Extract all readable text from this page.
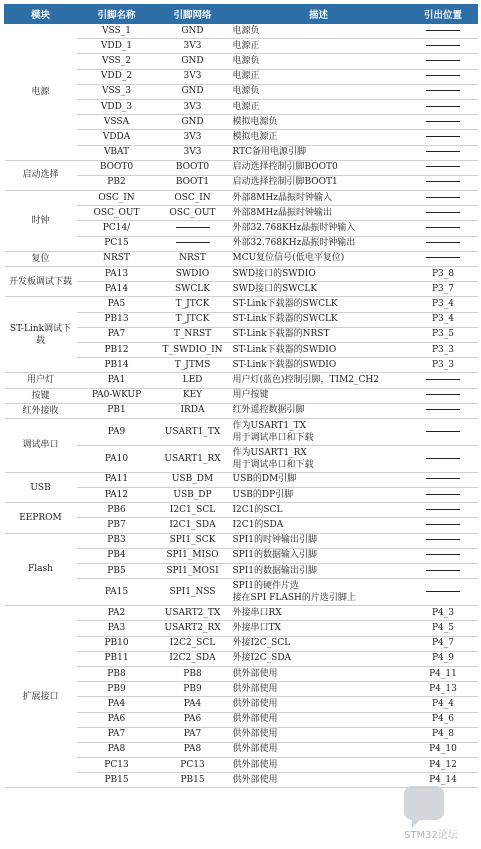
模块	引脚名称	引脚网络	描述	引出位置
电源	VSS_1	GND	电源负	
	VDD_1	3V3	电源正	
	VSS_2	GND	电源负	
	VDD_2	3V3	电源正	
	VSS_3	GND	电源负	
	VDD_3	3V3	电源正	
	VSSA	GND	模拟电源负	
	VDDA	3V3	模拟电源正	
	VBAT	3V3	RTC备用电源引脚	
启动选择	BOOT0	BOOT0	启动选择控制引脚BOOT0	
	PB2	BOOT1	启动选择控制引脚BOOT1	
时钟	OSC_IN	OSC_IN	外部8MHz晶振时钟输入	
	OSC_OUT	OSC_OUT	外部8MHz晶振时钟输出	
	PC14/		外部32.768KHz晶振时钟输入	
	PC15		外部32.768KHz晶振时钟输出	
复位	NRST	NRST	MCU复位信号(低电平复位)	
开发板调试下载	PA13	SWDIO	SWD接口的SWDIO	P3_8
	PA14	SWCLK	SWD接口的SWCLK	P3_7
ST-Link调试下载	PA5	T_JTCK	ST-Link下载器的SWCLK	P3_4
	PB13	T_JTCK	ST-Link下载器的SWCLK	P3_4
	PA7	T_NRST	ST-Link下载器的NRST	P3_5
	PB12	T_SWDIO_IN	ST-Link下载器的SWDIO	P3_3
	PB14	T_JTMS	ST-Link下载器的SWDIO	P3_3
用户灯	PA1	LED	用户灯(蓝色)控制引脚，TIM2_CH2	
按键	PA0-WKUP	KEY	用户按键	
红外接收	PB1	IRDA	红外遥控数据引脚	
调试串口	PA9	USART1_TX	作为USART1_TX
用于调试串口和下载	
	PA10	USART1_RX	作为USART1_RX
用于调试串口和下载	
USB	PA11	USB_DM	USB的DM引脚	
	PA12	USB_DP	USB的DP引脚	
EEPROM	PB6	I2C1_SCL	I2C1的SCL	
	PB7	I2C1_SDA	I2C1的SDA	
Flash	PB3	SPI1_SCK	SPI1的时钟输出引脚	
	PB4	SPI1_MISO	SPI1的数据输入引脚	
	PB5	SPI1_MOSI	SPI1的数据输出引脚	
	PA15	SPI1_NSS	SPI1的硬件片选
接在SPI FLASH的片选引脚上	
扩展接口	PA2	USART2_TX	外接串口RX	P4_3
	PA3	USART2_RX	外接串口TX	P4_5
	PB10	I2C2_SCL	外接I2C_SCL	P4_7
	PB11	I2C2_SDA	外接I2C_SDA	P4_9
	PB8	PB8	供外部使用	P4_11
	PB9	PB9	供外部使用	P4_13
	PA4	PA4	供外部使用	P4_4
	PA6	PA6	供外部使用	P4_6
	PA7	PA7	供外部使用	P4_8
	PA8	PA8	供外部使用	P4_10
	PC13	PC13	供外部使用	P4_12
	PB15	PB15	供外部使用	P4_14
STM32论坛
